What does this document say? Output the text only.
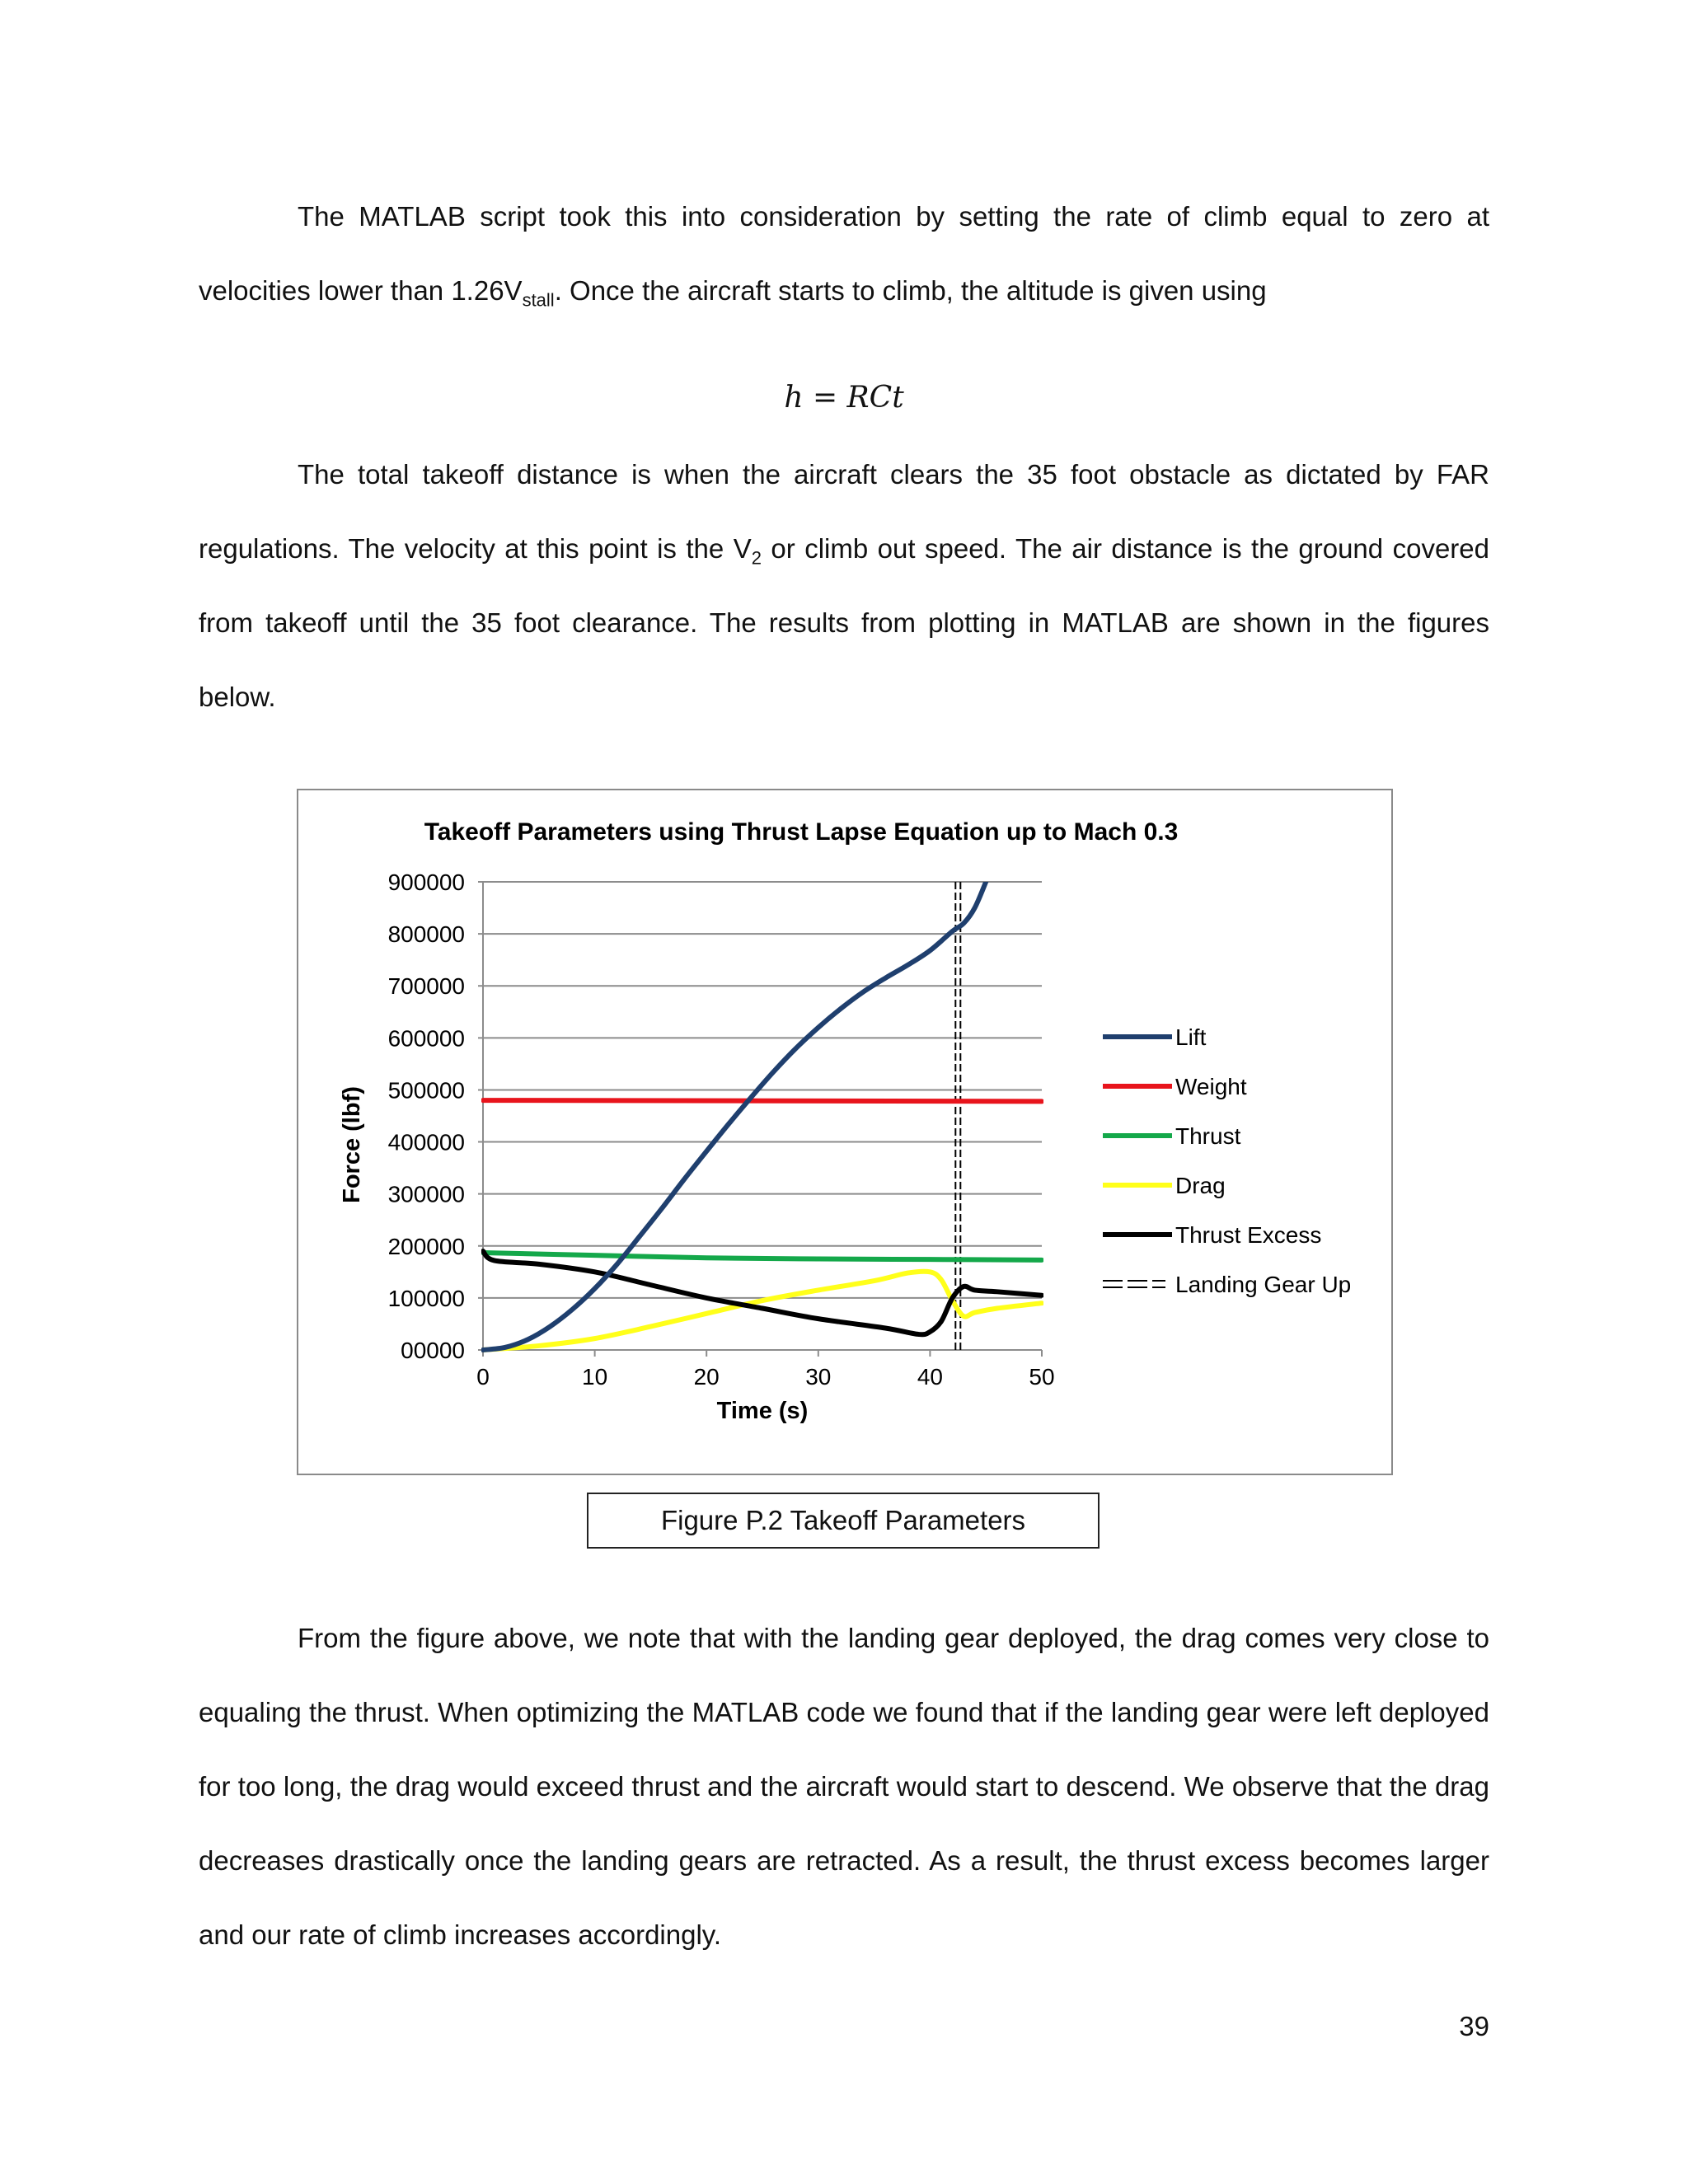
The MATLAB script took this into consideration by setting the rate of climb equal to zero at velocities lower than $1.26V_{stall}$. Once the aircraft starts to climb, the altitude is given using

h = RCt

The total takeoff distance is when the aircraft clears the 35 foot obstacle as dictated by FAR regulations. The velocity at this point is the $V_2$ or climb out speed. The air distance is the ground covered from takeoff until the 35 foot clearance. The results from plotting in MATLAB are shown in the figures below.

Takeoff Parameters using Thrust Lapse Equation up to Mach 0.3
00000
100000
200000
300000
400000
500000
600000
700000
800000
900000
0	10	20	30	40	50
Lift
Weight
Thrust
Drag
Thrust Excess
Landing Gear Up
Time (s)
Force (lbf)
Figure P.2 Takeoff Parameters

From the figure above, we note that with the landing gear deployed, the drag comes very close to equaling the thrust. When optimizing the MATLAB code we found that if the landing gear were left deployed for too long, the drag would exceed thrust and the aircraft would start to descend. We observe that the drag decreases drastically once the landing gears are retracted. As a result, the thrust excess becomes larger and our rate of climb increases accordingly.

39
